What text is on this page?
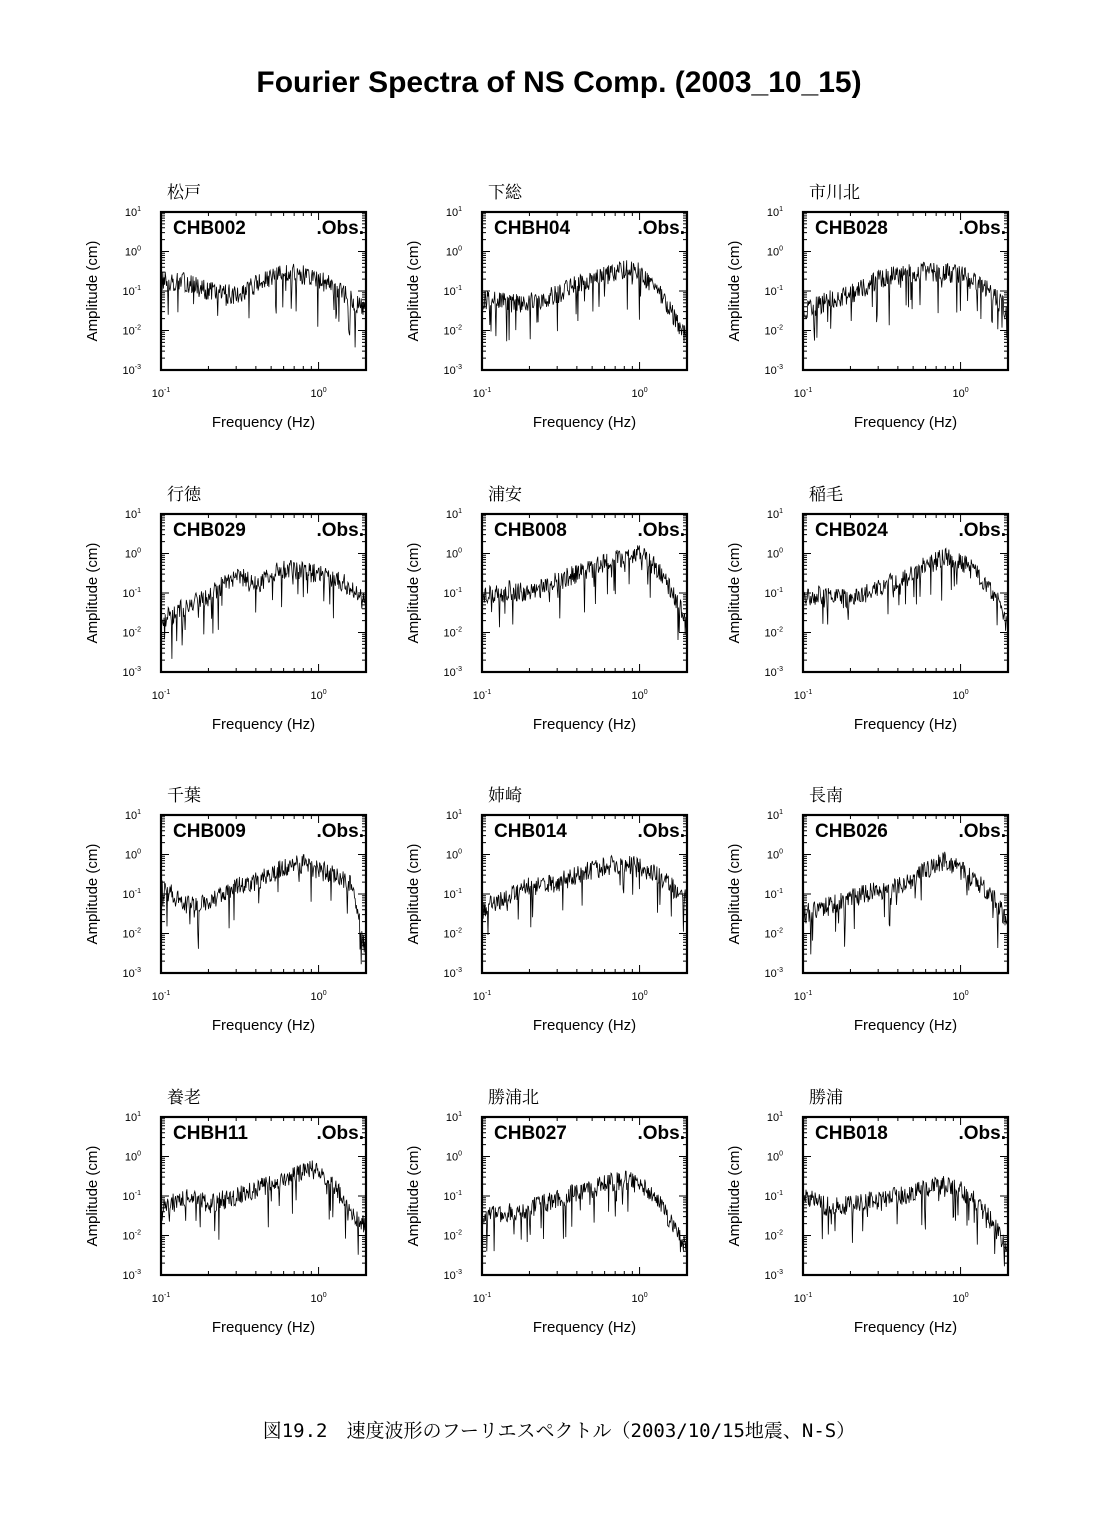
Fourier Spectra of NS Comp. (2003_10_15)
松戸
CHB002	.Obs.
$10^1$
$10^0$
$10^{-1}$
$10^{-2}$
$10^{-3}$
$10^{-1}$	$10^0$
Frequency (Hz)
Amplitude (cm)
下総
CHBH04	.Obs.
$10^1$
$10^0$
$10^{-1}$
$10^{-2}$
$10^{-3}$
$10^{-1}$	$10^0$
Frequency (Hz)
Amplitude (cm)
市川北
CHB028	.Obs.
$10^1$
$10^0$
$10^{-1}$
$10^{-2}$
$10^{-3}$
$10^{-1}$	$10^0$
Frequency (Hz)
Amplitude (cm)
行徳
CHB029	.Obs.
$10^1$
$10^0$
$10^{-1}$
$10^{-2}$
$10^{-3}$
$10^{-1}$	$10^0$
Frequency (Hz)
Amplitude (cm)
浦安
CHB008	.Obs.
$10^1$
$10^0$
$10^{-1}$
$10^{-2}$
$10^{-3}$
$10^{-1}$	$10^0$
Frequency (Hz)
Amplitude (cm)
稲毛
CHB024	.Obs.
$10^1$
$10^0$
$10^{-1}$
$10^{-2}$
$10^{-3}$
$10^{-1}$	$10^0$
Frequency (Hz)
Amplitude (cm)
千葉
CHB009	.Obs.
$10^1$
$10^0$
$10^{-1}$
$10^{-2}$
$10^{-3}$
$10^{-1}$	$10^0$
Frequency (Hz)
Amplitude (cm)
姉崎
CHB014	.Obs.
$10^1$
$10^0$
$10^{-1}$
$10^{-2}$
$10^{-3}$
$10^{-1}$	$10^0$
Frequency (Hz)
Amplitude (cm)
長南
CHB026	.Obs.
$10^1$
$10^0$
$10^{-1}$
$10^{-2}$
$10^{-3}$
$10^{-1}$	$10^0$
Frequency (Hz)
Amplitude (cm)
養老
CHBH11	.Obs.
$10^1$
$10^0$
$10^{-1}$
$10^{-2}$
$10^{-3}$
$10^{-1}$	$10^0$
Frequency (Hz)
Amplitude (cm)
勝浦北
CHB027	.Obs.
$10^1$
$10^0$
$10^{-1}$
$10^{-2}$
$10^{-3}$
$10^{-1}$	$10^0$
Frequency (Hz)
Amplitude (cm)
勝浦
CHB018	.Obs.
$10^1$
$10^0$
$10^{-1}$
$10^{-2}$
$10^{-3}$
$10^{-1}$	$10^0$
Frequency (Hz)
Amplitude (cm)
図19.2　速度波形のフーリエスペクトル（2003/10/15地震、N-S）
